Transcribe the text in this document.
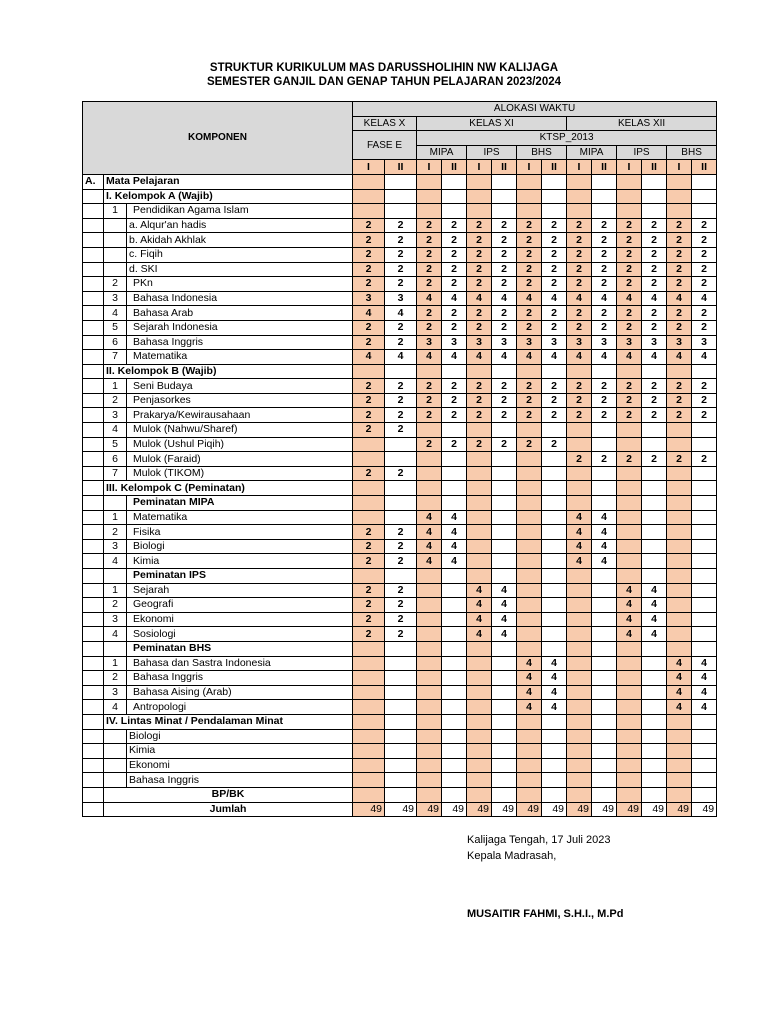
STRUKTUR KURIKULUM MAS DARUSSHOLIHIN NW KALIJAGA
SEMESTER GANJIL DAN GENAP TAHUN PELAJARAN 2023/2024
KOMPONEN			ALOKASI WAKTU													
			KELAS X		KELAS XI						KELAS XII					
			FASE E		KTSP_2013											
					MIPA		IPS		BHS		MIPA		IPS		BHS	
			I	II	I	II	I	II	I	II	I	II	I	II	I	II
A.	Mata Pelajaran															
	I. Kelompok A (Wajib)															
	1	Pendidikan Agama Islam														
		a. Alqur'an hadis	2	2	2	2	2	2	2	2	2	2	2	2	2	2
		b. Akidah Akhlak	2	2	2	2	2	2	2	2	2	2	2	2	2	2
		c. Fiqih	2	2	2	2	2	2	2	2	2	2	2	2	2	2
		d. SKI	2	2	2	2	2	2	2	2	2	2	2	2	2	2
	2	PKn	2	2	2	2	2	2	2	2	2	2	2	2	2	2
	3	Bahasa Indonesia	3	3	4	4	4	4	4	4	4	4	4	4	4	4
	4	Bahasa Arab	4	4	2	2	2	2	2	2	2	2	2	2	2	2
	5	Sejarah Indonesia	2	2	2	2	2	2	2	2	2	2	2	2	2	2
	6	Bahasa Inggris	2	2	3	3	3	3	3	3	3	3	3	3	3	3
	7	Matematika	4	4	4	4	4	4	4	4	4	4	4	4	4	4
	II. Kelompok B (Wajib)															
	1	Seni Budaya	2	2	2	2	2	2	2	2	2	2	2	2	2	2
	2	Penjasorkes	2	2	2	2	2	2	2	2	2	2	2	2	2	2
	3	Prakarya/Kewirausahaan	2	2	2	2	2	2	2	2	2	2	2	2	2	2
	4	Mulok (Nahwu/Sharef)	2	2												
	5	Mulok (Ushul Piqih)			2	2	2	2	2	2						
	6	Mulok (Faraid)									2	2	2	2	2	2
	7	Mulok (TIKOM)	2	2												
	III. Kelompok C (Peminatan)															
		Peminatan MIPA														
	1	Matematika			4	4					4	4				
	2	Fisika	2	2	4	4					4	4				
	3	Biologi	2	2	4	4					4	4				
	4	Kimia	2	2	4	4					4	4				
		Peminatan IPS														
	1	Sejarah	2	2			4	4					4	4		
	2	Geografi	2	2			4	4					4	4		
	3	Ekonomi	2	2			4	4					4	4		
	4	Sosiologi	2	2			4	4					4	4		
		Peminatan BHS														
	1	Bahasa dan Sastra Indonesia							4	4					4	4
	2	Bahasa Inggris							4	4					4	4
	3	Bahasa Aising (Arab)							4	4					4	4
	4	Antropologi							4	4					4	4
	IV. Lintas Minat / Pendalaman Minat															
		Biologi														
		Kimia														
		Ekonomi														
		Bahasa Inggris														
	BP/BK															
	Jumlah		49	49	49	49	49	49	49	49	49	49	49	49	49	49
Kalijaga Tengah, 17 Juli 2023
Kepala Madrasah,
MUSAITIR FAHMI, S.H.I., M.Pd
